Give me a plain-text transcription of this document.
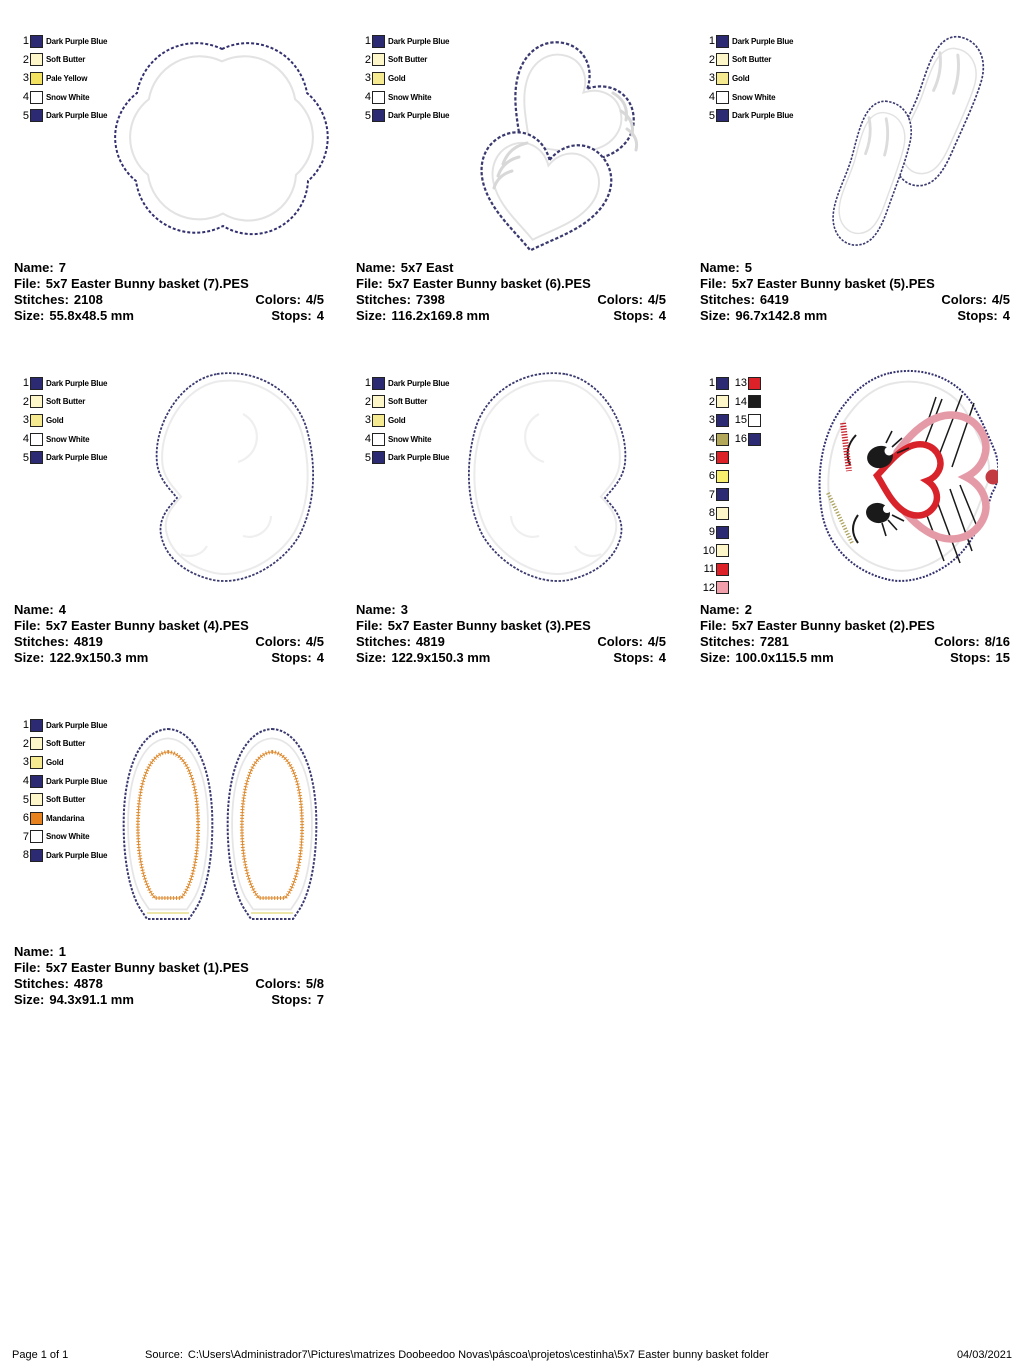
1	Dark Purple Blue
2	Soft Butter
3	Pale Yellow
4	Snow White
5	Dark Purple Blue
Name: 7
File: 5x7 Easter Bunny basket (7).PES
Stitches: 2108	Colors: 4/5
Size: 55.8x48.5 mm	Stops: 4
1	Dark Purple Blue
2	Soft Butter
3	Gold
4	Snow White
5	Dark Purple Blue
Name: 5x7 East
File: 5x7 Easter Bunny basket (6).PES
Stitches: 7398	Colors: 4/5
Size: 116.2x169.8 mm	Stops: 4
1	Dark Purple Blue
2	Soft Butter
3	Gold
4	Snow White
5	Dark Purple Blue
Name: 5
File: 5x7 Easter Bunny basket (5).PES
Stitches: 6419	Colors: 4/5
Size: 96.7x142.8 mm	Stops: 4
1	Dark Purple Blue
2	Soft Butter
3	Gold
4	Snow White
5	Dark Purple Blue
Name: 4
File: 5x7 Easter Bunny basket (4).PES
Stitches: 4819	Colors: 4/5
Size: 122.9x150.3 mm	Stops: 4
1	Dark Purple Blue
2	Soft Butter
3	Gold
4	Snow White
5	Dark Purple Blue
Name: 3
File: 5x7 Easter Bunny basket (3).PES
Stitches: 4819	Colors: 4/5
Size: 122.9x150.3 mm	Stops: 4
1
2
3
4
5
6
7
8
9
10
11
12
13
14
15
16
Name: 2
File: 5x7 Easter Bunny basket (2).PES
Stitches: 7281	Colors: 8/16
Size: 100.0x115.5 mm	Stops: 15
1	Dark Purple Blue
2	Soft Butter
3	Gold
4	Dark Purple Blue
5	Soft Butter
6	Mandarina
7	Snow White
8	Dark Purple Blue
Name: 1
File: 5x7 Easter Bunny basket (1).PES
Stitches: 4878	Colors: 5/8
Size: 94.3x91.1 mm	Stops: 7
Page 1 of 1	Source: C:\Users\Administrador7\Pictures\matrizes Doobeedoo Novas\páscoa\projetos\cestinha\5x7 Easter bunny basket folder	04/03/2021
